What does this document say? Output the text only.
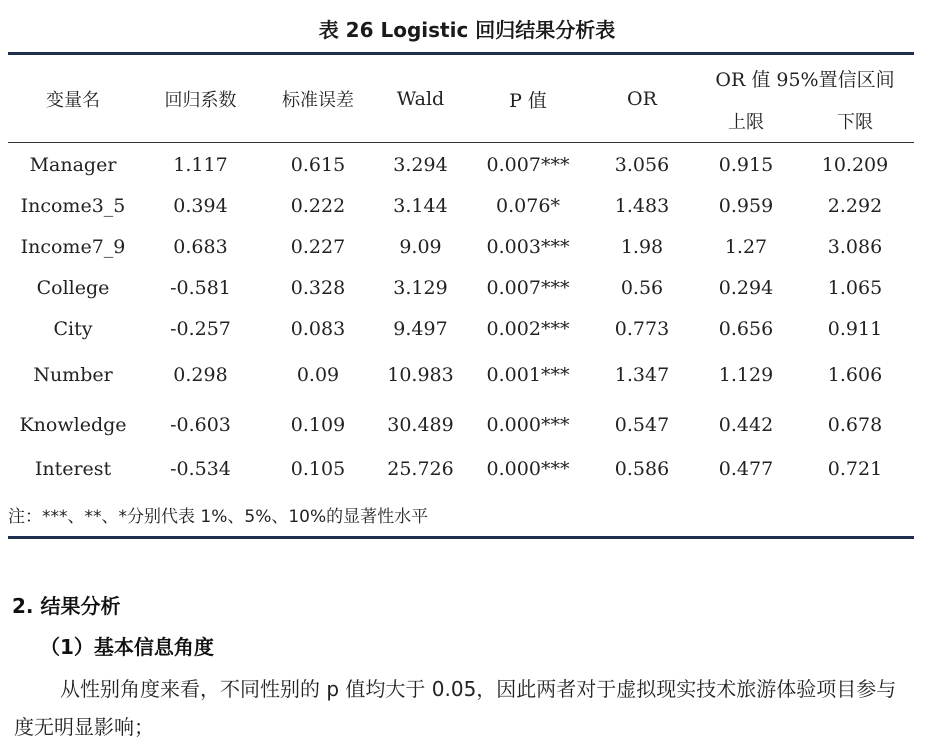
表 26 Logistic 回归结果分析表
变量名	回归系数	标准误差	Wald	P 值	OR	OR 值 95%置信区间	
						上限	下限
Manager	1.117	0.615	3.294	0.007***	3.056	0.915	10.209
Income3_5	0.394	0.222	3.144	0.076*	1.483	0.959	2.292
Income7_9	0.683	0.227	9.09	0.003***	1.98	1.27	3.086
College	-0.581	0.328	3.129	0.007***	0.56	0.294	1.065
City	-0.257	0.083	9.497	0.002***	0.773	0.656	0.911
Number	0.298	0.09	10.983	0.001***	1.347	1.129	1.606
Knowledge	-0.603	0.109	30.489	0.000***	0.547	0.442	0.678
Interest	-0.534	0.105	25.726	0.000***	0.586	0.477	0.721
注：***、**、*分别代表 1%、5%、10%的显著性水平
2. 结果分析
（1）基本信息角度
从性别角度来看，不同性别的 p 值均大于 0.05，因此两者对于虚拟现实技术旅游体验项目参与度无明显影响；
